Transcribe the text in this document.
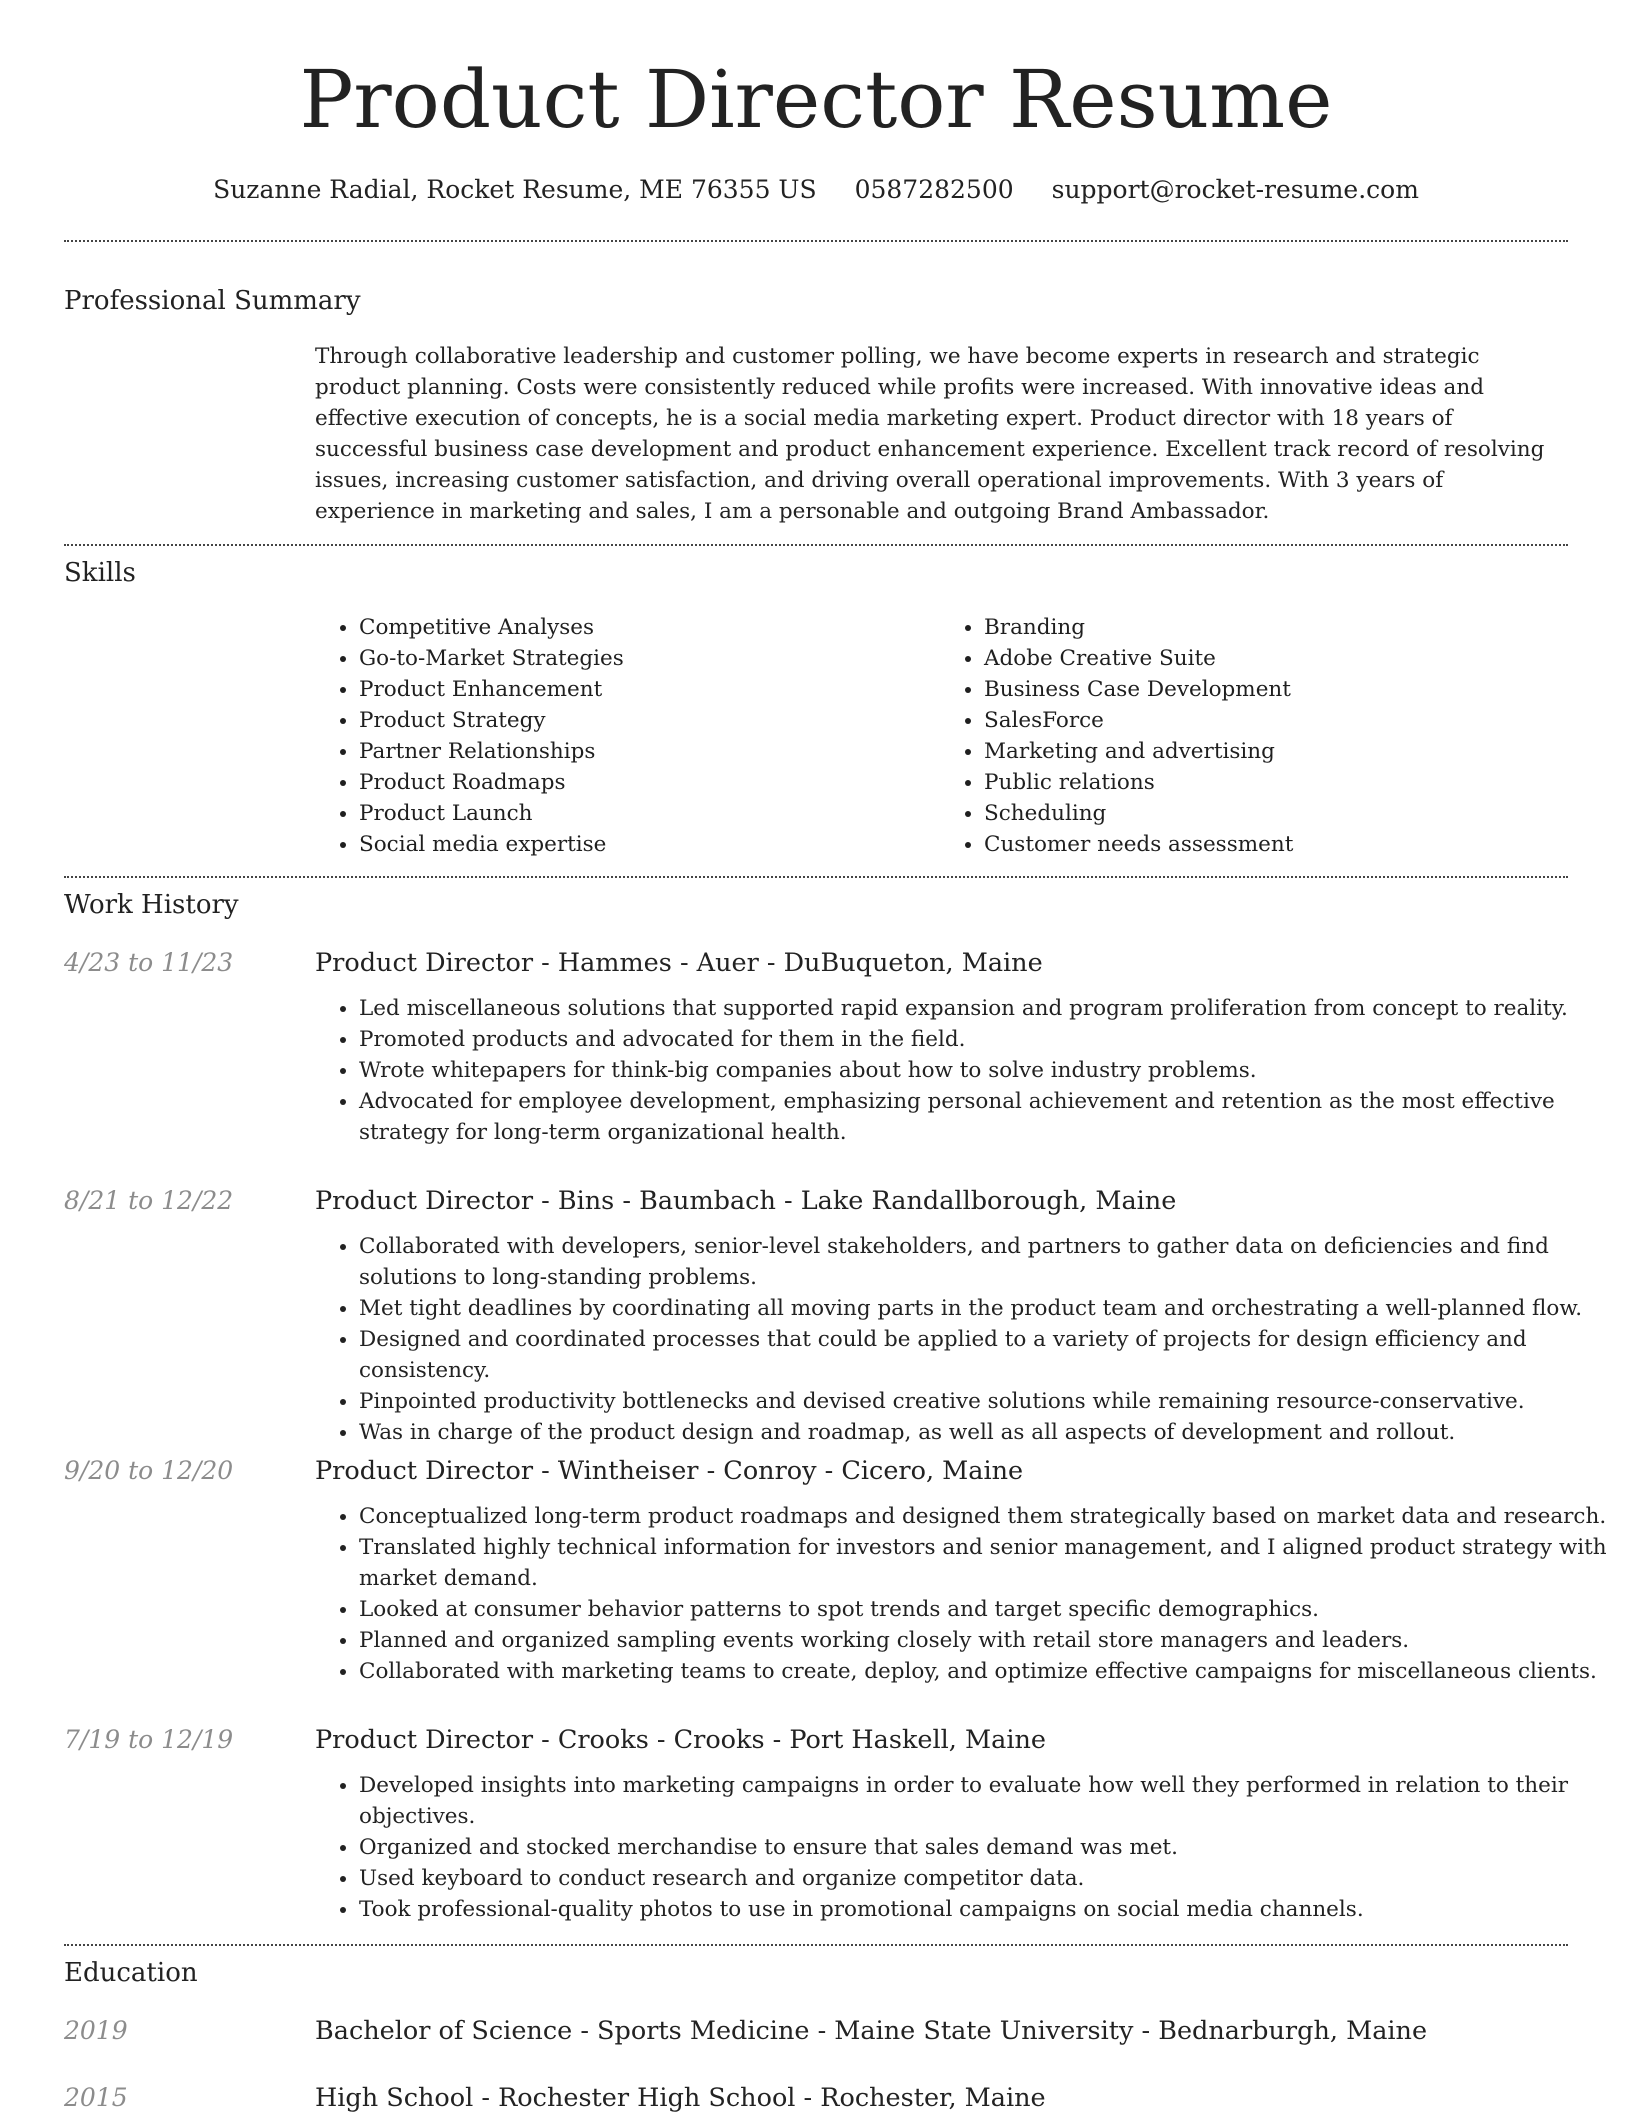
Product Director Resume
Suzanne Radial, Rocket Resume, ME 76355 US 0587282500 support@rocket-resume.com
Professional Summary

Through collaborative leadership and customer polling, we have become experts in research and strategic product planning. Costs were consistently reduced while profits were increased. With innovative ideas and effective execution of concepts, he is a social media marketing expert. Product director with 18 years of successful business case development and product enhancement experience. Excellent track record of resolving issues, increasing customer satisfaction, and driving overall operational improvements. With 3 years of experience in marketing and sales, I am a personable and outgoing Brand Ambassador.

Skills
• Competitive Analyses
• Go-to-Market Strategies
• Product Enhancement
• Product Strategy
• Partner Relationships
• Product Roadmaps
• Product Launch
• Social media expertise
• Branding
• Adobe Creative Suite
• Business Case Development
• SalesForce
• Marketing and advertising
• Public relations
• Scheduling
• Customer needs assessment
Work History
4/23 to 11/23	Product Director - Hammes - Auer - DuBuqueton, Maine
• Led miscellaneous solutions that supported rapid expansion and program proliferation from concept to reality.
• Promoted products and advocated for them in the field.
• Wrote whitepapers for think-big companies about how to solve industry problems.
• Advocated for employee development, emphasizing personal achievement and retention as the most effective strategy for long-term organizational health.
8/21 to 12/22	Product Director - Bins - Baumbach - Lake Randallborough, Maine
• Collaborated with developers, senior-level stakeholders, and partners to gather data on deficiencies and find solutions to long-standing problems.
• Met tight deadlines by coordinating all moving parts in the product team and orchestrating a well-planned flow.
• Designed and coordinated processes that could be applied to a variety of projects for design efficiency and consistency.
• Pinpointed productivity bottlenecks and devised creative solutions while remaining resource-conservative.
• Was in charge of the product design and roadmap, as well as all aspects of development and rollout.
9/20 to 12/20	Product Director - Wintheiser - Conroy - Cicero, Maine
• Conceptualized long-term product roadmaps and designed them strategically based on market data and research.
• Translated highly technical information for investors and senior management, and I aligned product strategy with market demand.
• Looked at consumer behavior patterns to spot trends and target specific demographics.
• Planned and organized sampling events working closely with retail store managers and leaders.
• Collaborated with marketing teams to create, deploy, and optimize effective campaigns for miscellaneous clients.
7/19 to 12/19	Product Director - Crooks - Crooks - Port Haskell, Maine
• Developed insights into marketing campaigns in order to evaluate how well they performed in relation to their objectives.
• Organized and stocked merchandise to ensure that sales demand was met.
• Used keyboard to conduct research and organize competitor data.
• Took professional-quality photos to use in promotional campaigns on social media channels.
Education
2019	Bachelor of Science - Sports Medicine - Maine State University - Bednarburgh, Maine
2015	High School - Rochester High School - Rochester, Maine
